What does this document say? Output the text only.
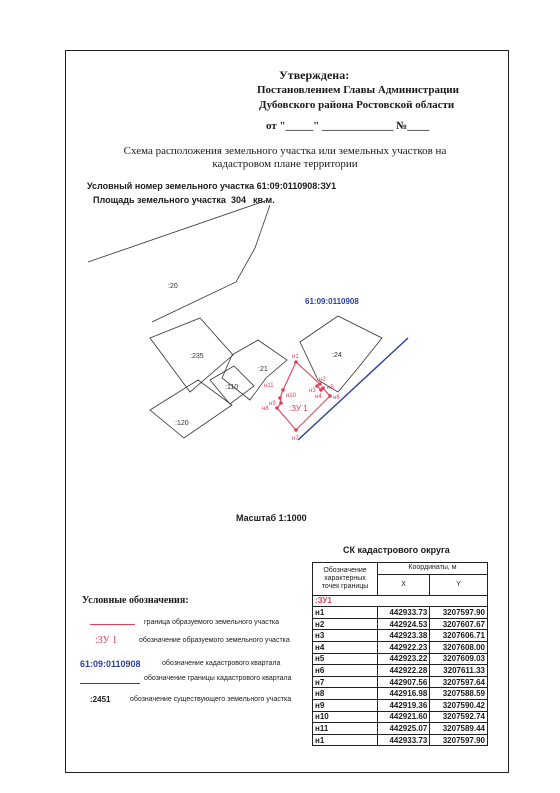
Утверждена:
Постановлением Главы Администрации
Дубовского района Ростовской области
от "_____" _____________ №____
Схема расположения земельного участка или земельных участков на
кадастровом плане территории
Условный номер земельного участка 61:09:0110908:ЗУ1
Площадь земельного участка 304 кв.м.
:20
:235	:24
:21
:110
:120
61:09:0110908
:ЗУ 1
н1
н2
н3
н4
н5
н6
н7
н8
н9
н10
н11
Масштаб 1:1000
СК кадастрового округа
Условные обозначения:
граница образуемого земельного участка
:ЗУ 1	обозначение образуемого земельного участка
61:09:0110908	обозначение кадастрового квартала
обозначение границы кадастрового квартала
:2451	обозначение существующего земельного участка
Обозначение характерных точек границы	Координаты, м	
	X	Y
:ЗУ1		
н1	442933.73	3207597.90
н2	442924.53	3207607.67
н3	442923.38	3207606.71
н4	442922.23	3207608.00
н5	442923.22	3207609.03
н6	442922.28	3207611.33
н7	442907.56	3207597.64
н8	442916.98	3207588.59
н9	442919.36	3207590.42
н10	442921.60	3207592.74
н11	442925.07	3207589.44
н1	442933.73	3207597.90
